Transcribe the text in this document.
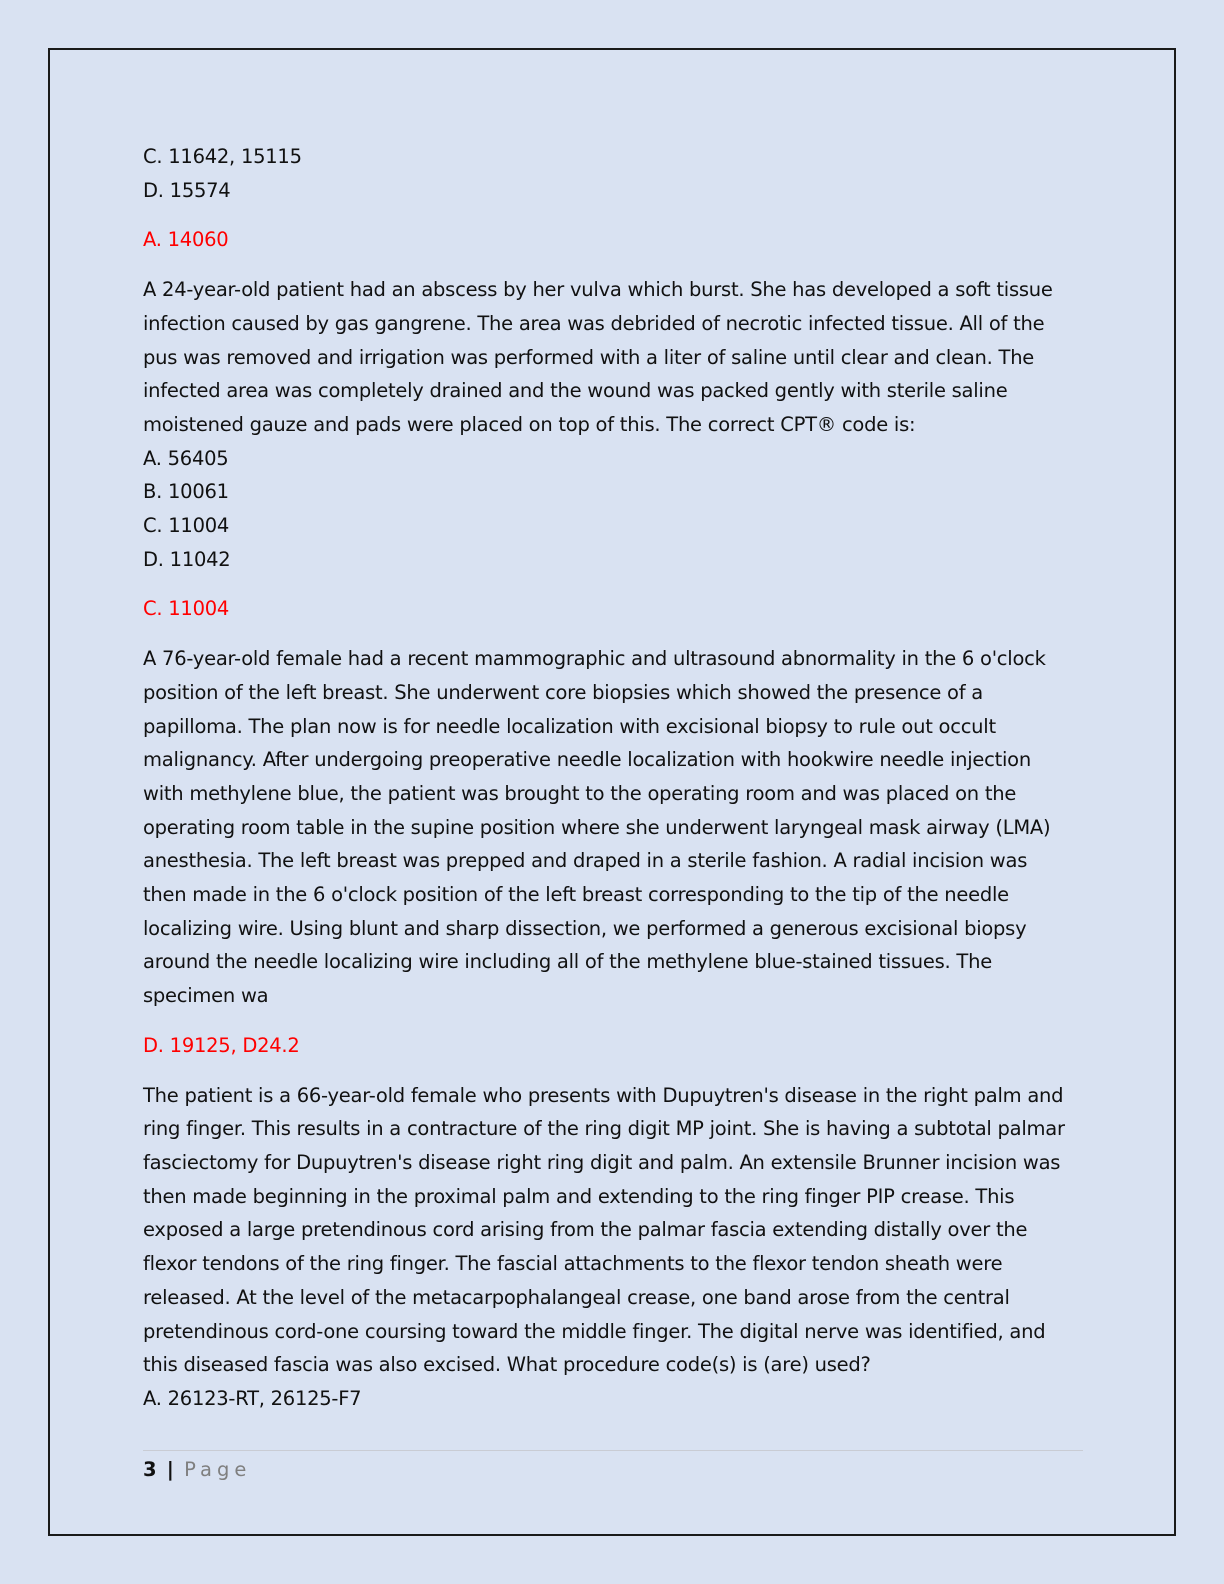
C. 11642, 15115
D. 15574
A. 14060
A 24-year-old patient had an abscess by her vulva which burst. She has developed a soft tissue
infection caused by gas gangrene. The area was debrided of necrotic infected tissue. All of the
pus was removed and irrigation was performed with a liter of saline until clear and clean. The
infected area was completely drained and the wound was packed gently with sterile saline
moistened gauze and pads were placed on top of this. The correct CPT® code is:
A. 56405
B. 10061
C. 11004
D. 11042
C. 11004
A 76-year-old female had a recent mammographic and ultrasound abnormality in the 6 o'clock
position of the left breast. She underwent core biopsies which showed the presence of a
papilloma. The plan now is for needle localization with excisional biopsy to rule out occult
malignancy. After undergoing preoperative needle localization with hookwire needle injection
with methylene blue, the patient was brought to the operating room and was placed on the
operating room table in the supine position where she underwent laryngeal mask airway (LMA)
anesthesia. The left breast was prepped and draped in a sterile fashion. A radial incision was
then made in the 6 o'clock position of the left breast corresponding to the tip of the needle
localizing wire. Using blunt and sharp dissection, we performed a generous excisional biopsy
around the needle localizing wire including all of the methylene blue-stained tissues. The
specimen wa
D. 19125, D24.2
The patient is a 66-year-old female who presents with Dupuytren's disease in the right palm and
ring finger. This results in a contracture of the ring digit MP joint. She is having a subtotal palmar
fasciectomy for Dupuytren's disease right ring digit and palm. An extensile Brunner incision was
then made beginning in the proximal palm and extending to the ring finger PIP crease. This
exposed a large pretendinous cord arising from the palmar fascia extending distally over the
flexor tendons of the ring finger. The fascial attachments to the flexor tendon sheath were
released. At the level of the metacarpophalangeal crease, one band arose from the central
pretendinous cord-one coursing toward the middle finger. The digital nerve was identified, and
this diseased fascia was also excised. What procedure code(s) is (are) used?
A. 26123-RT, 26125-F7
3 | Page
